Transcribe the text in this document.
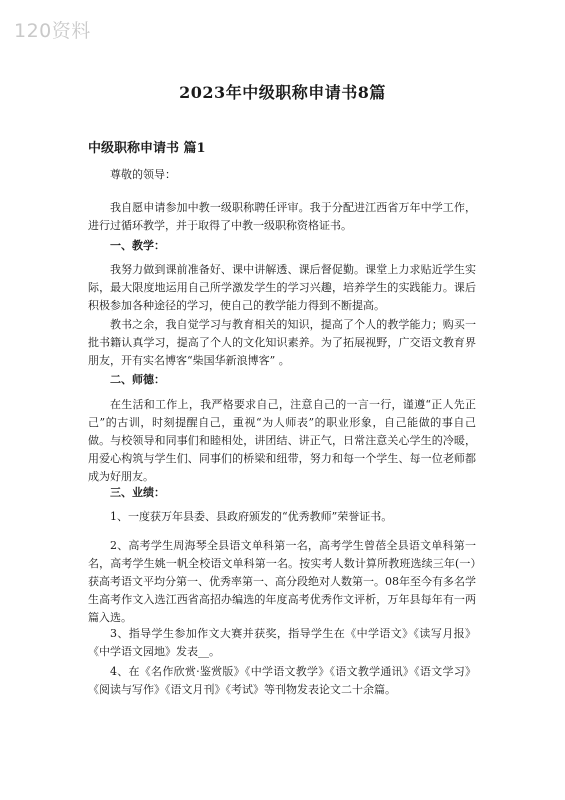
120资料
2023年中级职称申请书8篇
中级职称申请书 篇1
尊敬的领导：

我自愿申请参加中教一级职称聘任评审。我于分配进江西省万年中学工作，进行过循环教学，并于取得了中教一级职称资格证书。

一、教学：

我努力做到课前准备好、课中讲解透、课后督促勤。课堂上力求贴近学生实际，最大限度地运用自己所学激发学生的学习兴趣，培养学生的实践能力。课后积极参加各种途径的学习，使自己的教学能力得到不断提高。

教书之余，我自觉学习与教育相关的知识，提高了个人的教学能力；购买一批书籍认真学习，提高了个人的文化知识素养。为了拓展视野，广交语文教育界朋友，开有实名博客“柴国华新浪博客” 。

二、师德：

在生活和工作上，我严格要求自己，注意自己的一言一行，谨遵“正人先正己”的古训，时刻提醒自己，重视“为人师表”的职业形象，自己能做的事自己做。与校领导和同事们和睦相处，讲团结、讲正气，日常注意关心学生的冷暖，用爱心构筑与学生们、同事们的桥梁和纽带，努力和每一个学生、每一位老师都成为好朋友。

三、业绩：

1、一度获万年县委、县政府颁发的“优秀教师”荣誉证书。

2、高考学生周海琴全县语文单科第一名，高考学生曾蓓全县语文单科第一名，高考学生姚一帆全校语文单科第一名。按实考人数计算所教班选续三年(一）获高考语文平均分第一、优秀率第一、高分段绝对人数第一。08年至今有多名学生高考作文入选江西省高招办编选的年度高考优秀作文评析，万年县每年有一两篇入选。

3、指导学生参加作文大赛并获奖，指导学生在《中学语文》《读写月报》《中学语文园地》发表__。

4、在《名作欣赏·鉴赏版》《中学语文教学》《语文教学通讯》《语文学习》《阅读与写作》《语文月刊》《考试》等刊物发表论文二十余篇。
